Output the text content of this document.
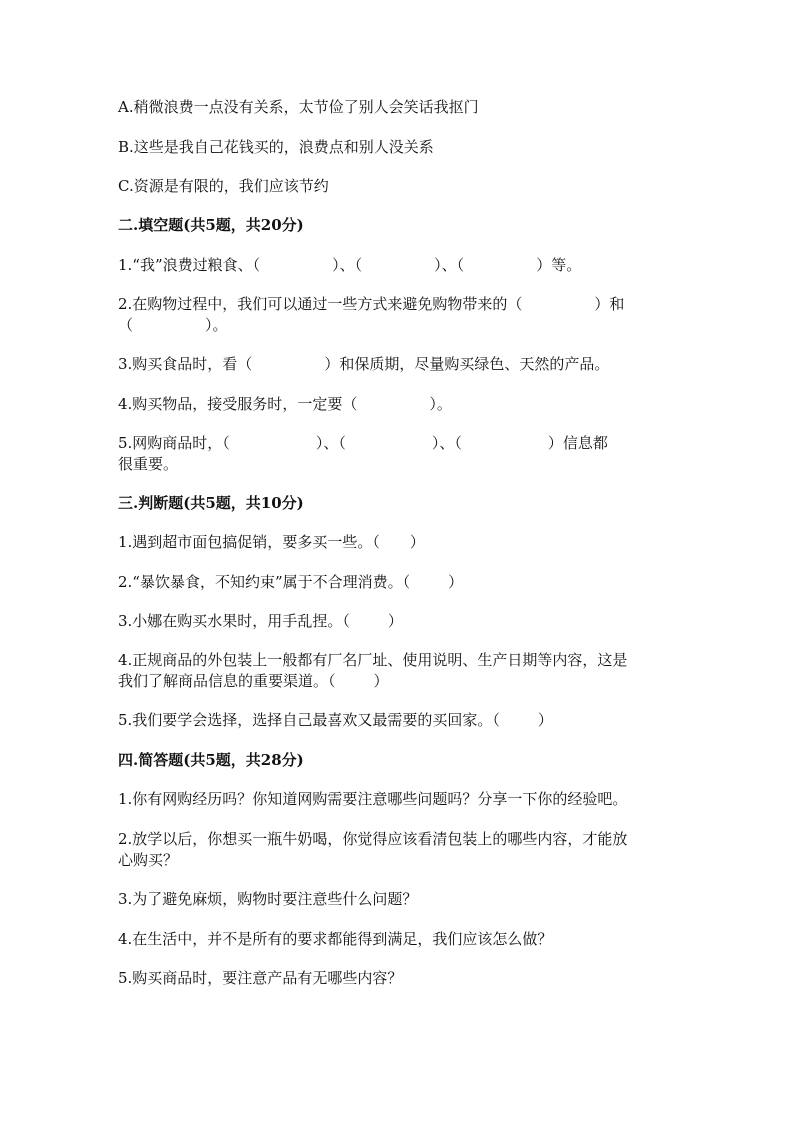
A.稍微浪费一点没有关系，太节俭了别人会笑话我抠门
B.这些是我自己花钱买的，浪费点和别人没关系
C.资源是有限的，我们应该节约
二.填空题(共5题，共20分)
1.“我”浪费过粮食、（	）、（	）、（	）等。
2.在购物过程中，我们可以通过一些方式来避免购物带来的（	）和
（	）。
3.购买食品时，看（	）和保质期，尽量购买绿色、天然的产品。
4.购买物品，接受服务时，一定要（	）。
5.网购商品时，（	）、（	）、（	）信息都
很重要。
三.判断题(共5题，共10分)
1.遇到超市面包搞促销，要多买一些。（ ）
2.“暴饮暴食，不知约束”属于不合理消费。（	）
3.小娜在购买水果时，用手乱捏。（	）
4.正规商品的外包装上一般都有厂名厂址、使用说明、生产日期等内容，这是
我们了解商品信息的重要渠道。（	）
5.我们要学会选择，选择自己最喜欢又最需要的买回家。（	）
四.简答题(共5题，共28分)
1.你有网购经历吗？你知道网购需要注意哪些问题吗？分享一下你的经验吧。
2.放学以后，你想买一瓶牛奶喝，你觉得应该看清包装上的哪些内容，才能放
心购买？
3.为了避免麻烦，购物时要注意些什么问题？
4.在生活中，并不是所有的要求都能得到满足，我们应该怎么做？
5.购买商品时，要注意产品有无哪些内容？
